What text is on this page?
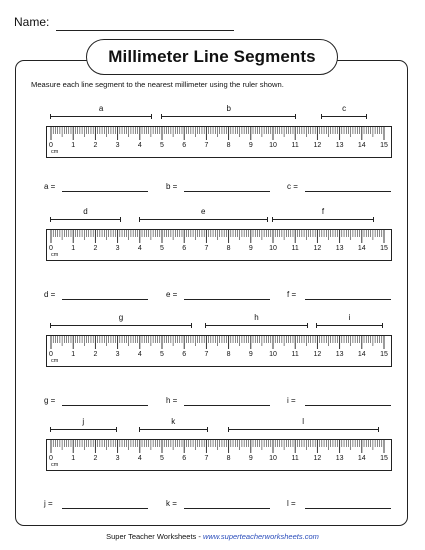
Name:
Millimeter Line Segments
Measure each line segment to the nearest millimeter using the ruler shown.
a	b	c
0	1	2	3	4	5	6	7	8	9	10	11	12	13	14	15
cm
a =	b =	c =
d	e	f
0	1	2	3	4	5	6	7	8	9	10	11	12	13	14	15
cm
d =	e =	f =
g	h	i
0	1	2	3	4	5	6	7	8	9	10	11	12	13	14	15
cm
g =	h =	i =
j	k	l
0	1	2	3	4	5	6	7	8	9	10	11	12	13	14	15
cm
j =	k =	l =
Super Teacher Worksheets - www.superteacherworksheets.com
